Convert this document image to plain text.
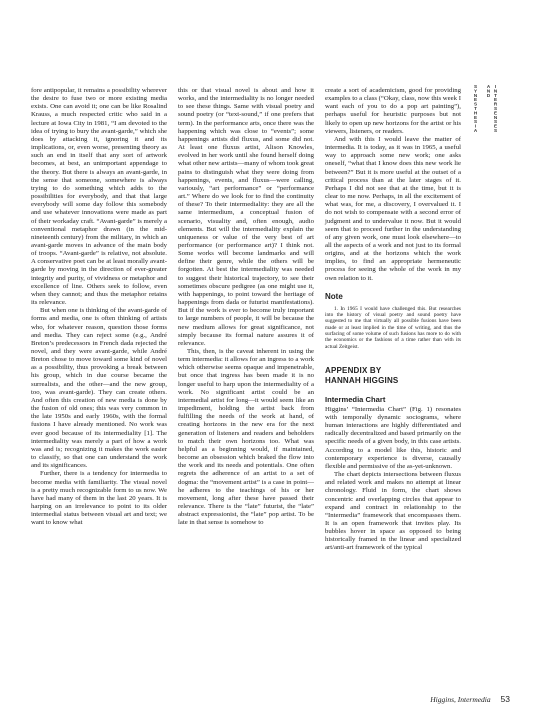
SYNESTHESIA AND INTERSENSES

fore antipopular, it remains a possibility wherever the desire to fuse two or more existing media exists. One can avoid it; one can be like Rosalind Krauss, a much respected critic who said in a lecture at Iowa City in 1981, “I am devoted to the idea of trying to bury the avant-garde,” which she does by attacking it, ignoring it and its implications, or, even worse, presenting theory as such an end in itself that any sort of artwork becomes, at best, an unimportant appendage to the theory. But there is always an avant-garde, in the sense that someone, somewhere is always trying to do something which adds to the possibilities for everybody, and that that large everybody will some day follow this somebody and use whatever innovations were made as part of their workaday craft. “Avant-garde” is merely a conventional metaphor drawn (in the mid-nineteenth century) from the military, in which an avant-garde moves in advance of the main body of troops. “Avant-garde” is relative, not absolute. A conservative poet can be at least morally avant-garde by moving in the direction of ever-greater integrity and purity, of vividness or metaphor and excellence of line. Others seek to follow, even when they cannot; and thus the metaphor retains its relevance.

But when one is thinking of the avant-garde of forms and media, one is often thinking of artists who, for whatever reason, question those forms and media. They can reject some (e.g., André Breton’s predecessors in French dada rejected the novel, and they were avant-garde, while André Breton chose to move toward some kind of novel as a possibility, thus provoking a break between his group, which in due course became the surrealists, and the other—and the new group, too, was avant-garde). They can create others. And often this creation of new media is done by the fusion of old ones; this was very common in the late 1950s and early 1960s, with the formal fusions I have already mentioned. No work was ever good because of its intermediality [1]. The intermediality was merely a part of how a work was and is; recognizing it makes the work easier to classify, so that one can understand the work and its significances.

Further, there is a tendency for intermedia to become media with familiarity. The visual novel is a pretty much recognizable form to us now. We have had many of them in the last 20 years. It is harping on an irrelevance to point to its older intermedial status between visual art and text; we want to know what

this or that visual novel is about and how it works, and the intermediality is no longer needed to see these things. Same with visual poetry and sound poetry (or “text-sound,” if one prefers that term). In the performance arts, once there was the happening which was close to “events”; some happenings artists did fluxus, and some did not. At least one fluxus artist, Alison Knowles, evolved in her work until she found herself doing what other new artists—many of whom took great pains to distinguish what they were doing from happenings, events, and fluxus—were calling, variously, “art performance” or “performance art.” Where do we look for to find the continuity of these? To their intermediality: they are all the same intermedium, a conceptual fusion of scenario, visuality and, often enough, audio elements. But will the intermediality explain the uniqueness or value of the very best of art performance (or performance art)? I think not. Some works will become landmarks and will define their genre, while the others will be forgotten. At best the intermediality was needed to suggest their historical trajectory, to see their sometimes obscure pedigree (as one might use it, with happenings, to point toward the heritage of happenings from dada or futurist manifestations). But if the work is ever to become truly important to large numbers of people, it will be because the new medium allows for great significance, not simply because its formal nature assures it of relevance.

This, then, is the caveat inherent in using the term intermedia: it allows for an ingress to a work which otherwise seems opaque and impenetrable, but once that ingress has been made it is no longer useful to harp upon the intermediality of a work. No significant artist could be an intermedial artist for long—it would seem like an impediment, holding the artist back from fulfilling the needs of the work at hand, of creating horizons in the new era for the next generation of listeners and readers and beholders to match their own horizons too. What was helpful as a beginning would, if maintained, become an obsession which braked the flow into the work and its needs and potentials. One often regrets the adherence of an artist to a set of dogma: the “movement artist” is a case in point—he adheres to the teachings of his or her movement, long after these have passed their relevance. There is the “late” futurist, the “late” abstract expressionist, the “late” pop artist. To be late in that sense is somehow to

create a sort of academicism, good for providing examples to a class (“Okay, class, now this week I want each of you to do a pop art painting”), perhaps useful for heuristic purposes but not likely to open up new horizons for the artist or his viewers, listeners, or readers.

And with this I would leave the matter of intermedia. It is today, as it was in 1965, a useful way to approach some new work; one asks oneself, “what that I know does this new work lie between?” But it is more useful at the outset of a critical process than at the later stages of it. Perhaps I did not see that at the time, but it is clear to me now. Perhaps, in all the excitement of what was, for me, a discovery, I overvalued it. I do not wish to compensate with a second error of judgment and to undervalue it now. But it would seem that to proceed further in the understanding of any given work, one must look elsewhere—to all the aspects of a work and not just to its formal origins, and at the horizons which the work implies, to find an appropriate hermeneutic process for seeing the whole of the work in my own relation to it.

Note

1. In 1965 I would have challenged this. But researches into the history of visual poetry and sound poetry have suggested to me that virtually all possible fusions have been made or at least implied in the time of writing, and thus the surfacing of some volume of such fusions has more to do with the economics or the fashions of a time rather than with its actual Zeitgeist.

APPENDIX BY
HANNAH HIGGINS
Intermedia Chart

Higgins’ “Intermedia Chart” (Fig. 1) resonates with temporally dynamic sociograms, where human interactions are highly differentiated and radically decentralized and based primarily on the specific needs of a given body, in this case artists. According to a model like this, historic and contemporary experience is diverse, causally flexible and permissive of the as-yet-unknown.

The chart depicts intersections between fluxus and related work and makes no attempt at linear chronology. Fluid in form, the chart shows concentric and overlapping circles that appear to expand and contract in relationship to the “Intermedia” framework that encompasses them. It is an open framework that invites play. Its bubbles hover in space as opposed to being historically framed in the linear and specialized art/anti-art framework of the typical

Higgins, Intermedia 53
